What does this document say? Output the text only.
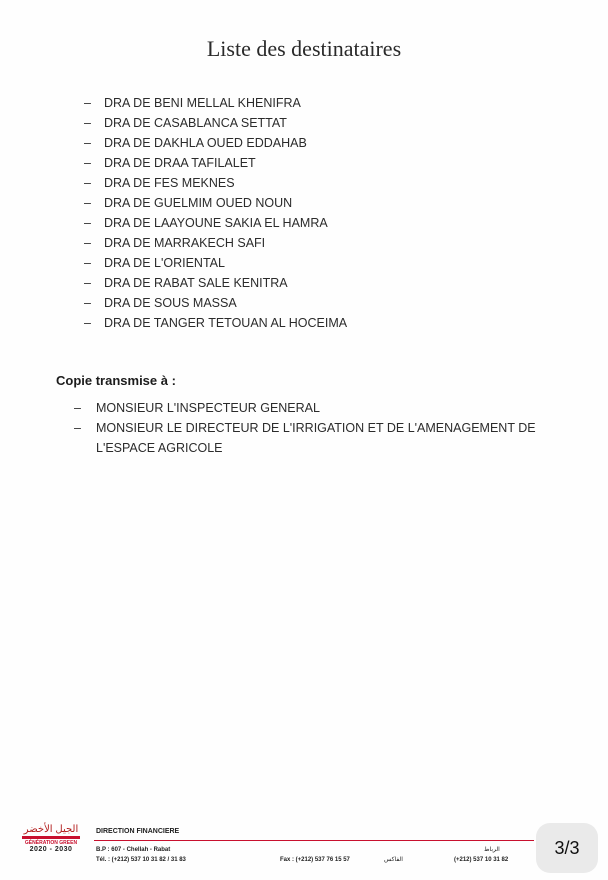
Liste des destinataires
– DRA DE BENI MELLAL KHENIFRA
– DRA DE CASABLANCA SETTAT
– DRA DE DAKHLA OUED EDDAHAB
– DRA DE DRAA TAFILALET
– DRA DE FES MEKNES
– DRA DE GUELMIM OUED NOUN
– DRA DE LAAYOUNE SAKIA EL HAMRA
– DRA DE MARRAKECH SAFI
– DRA DE L'ORIENTAL
– DRA DE RABAT SALE KENITRA
– DRA DE SOUS MASSA
– DRA DE TANGER TETOUAN AL HOCEIMA
Copie transmise à :
–	MONSIEUR L'INSPECTEUR GENERAL
–	MONSIEUR LE DIRECTEUR DE L'IRRIGATION ET DE L'AMENAGEMENT DE L'ESPACE AGRICOLE
الجيل الأخضر
GÉNÉRATION GREEN
2020 - 2030
DIRECTION FINANCIERE
B.P : 607 - Chellah - Rabat
Tél. : (+212) 537 10 31 82 / 31 83	Fax : (+212) 537 76 15 57	الفاكس
الرباط
(+212) 537 10 31 82
3/3
